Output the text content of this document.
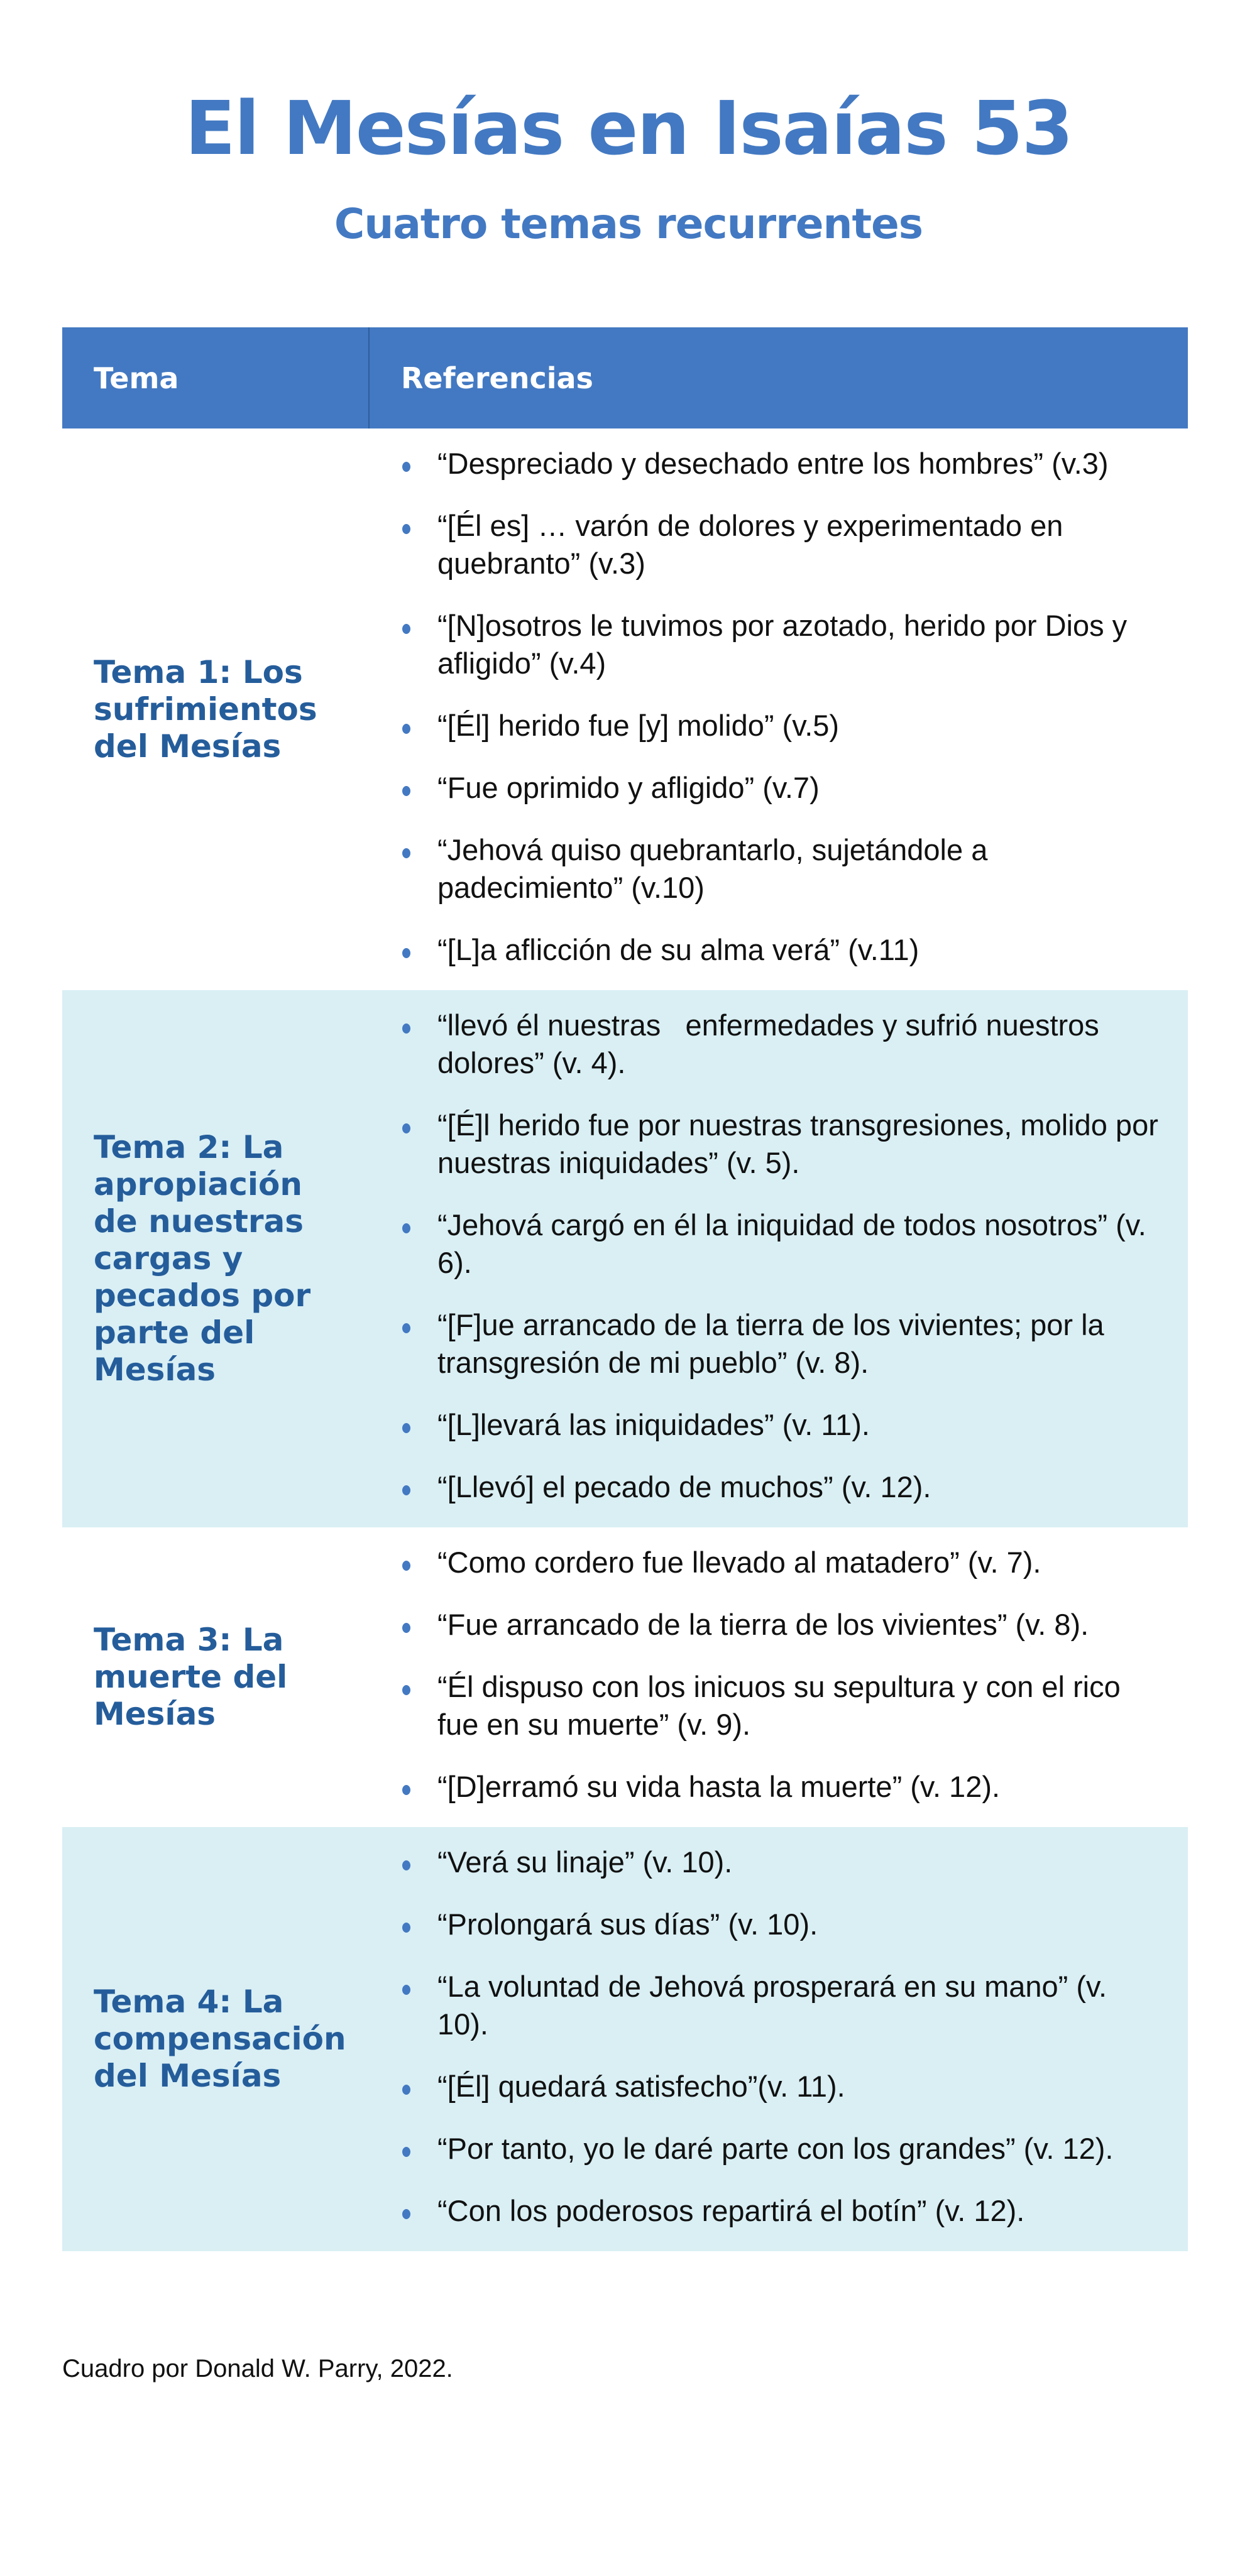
El Mesías en Isaías 53
Cuatro temas recurrentes
Tema	Referencias
Tema 1: Los sufrimientos del Mesías
“Despreciado y desechado entre los hombres” (v.3)
“[Él es] … varón de dolores y experimentado en quebranto” (v.3)
“[N]osotros le tuvimos por azotado, herido por Dios y afligido” (v.4)
“[Él] herido fue [y] molido” (v.5)
“Fue oprimido y afligido” (v.7)
“Jehová quiso quebrantarlo, sujetándole a padecimiento” (v.10)
“[L]a aflicción de su alma verá” (v.11)
Tema 2: La apropiación de nuestras cargas y pecados por parte del Mesías
“llevó él nuestras   enfermedades y sufrió nuestros dolores” (v. 4).
“[É]l herido fue por nuestras transgresiones, molido por nuestras iniquidades” (v. 5).
“Jehová cargó en él la iniquidad de todos nosotros” (v. 6).
“[F]ue arrancado de la tierra de los vivientes; por la transgresión de mi pueblo” (v. 8).
“[L]levará las iniquidades” (v. 11).
“[Llevó] el pecado de muchos” (v. 12).
Tema 3: La muerte del Mesías
“Como cordero fue llevado al matadero” (v. 7).
“Fue arrancado de la tierra de los vivientes” (v. 8).
“Él dispuso con los inicuos su sepultura y con el rico fue en su muerte” (v. 9).
“[D]erramó su vida hasta la muerte” (v. 12).
Tema 4: La compensación del Mesías
“Verá su linaje” (v. 10).
“Prolongará sus días” (v. 10).
“La voluntad de Jehová prosperará en su mano” (v. 10).
“[Él] quedará satisfecho”(v. 11).
“Por tanto, yo le daré parte con los grandes” (v. 12).
“Con los poderosos repartirá el botín” (v. 12).
Cuadro por Donald W. Parry, 2022.
